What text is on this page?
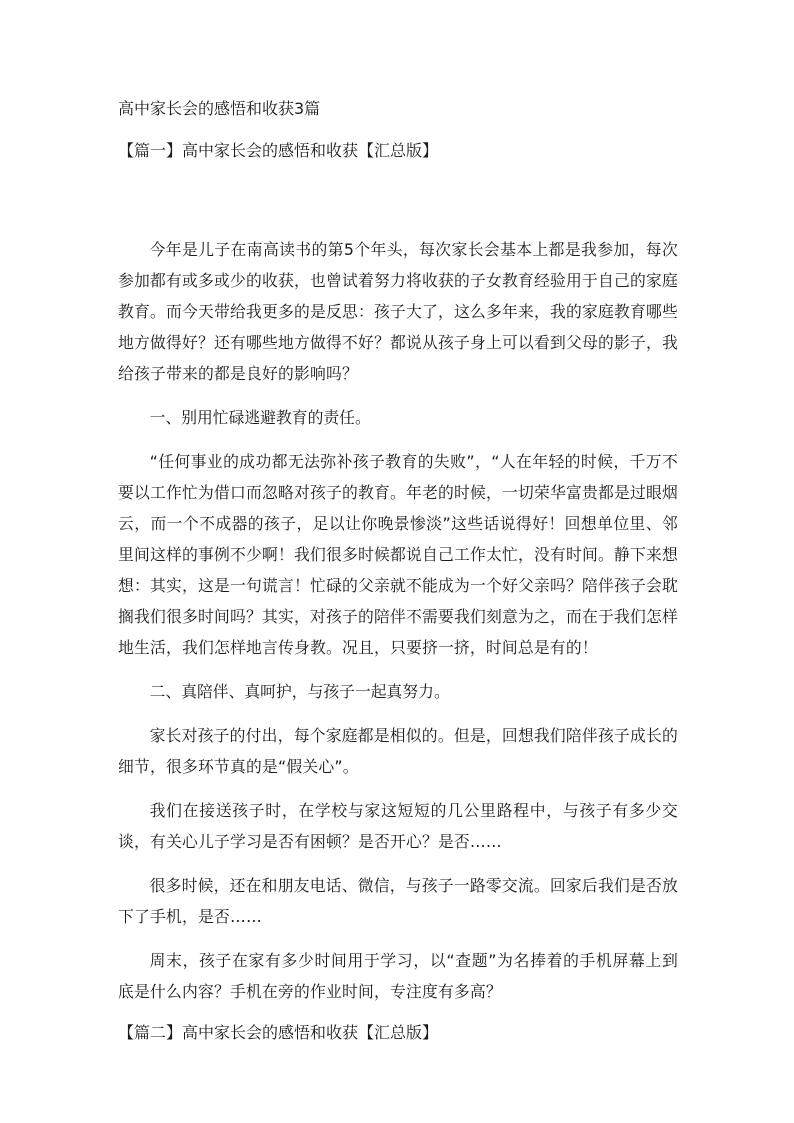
高中家长会的感悟和收获3篇
【篇一】高中家长会的感悟和收获【汇总版】

今年是儿子在南高读书的第5个年头，每次家长会基本上都是我参加，每次参加都有或多或少的收获，也曾试着努力将收获的子女教育经验用于自己的家庭教育。而今天带给我更多的是反思：孩子大了，这么多年来，我的家庭教育哪些地方做得好？还有哪些地方做得不好？都说从孩子身上可以看到父母的影子，我给孩子带来的都是良好的影响吗？

一、别用忙碌逃避教育的责任。

“任何事业的成功都无法弥补孩子教育的失败”，“人在年轻的时候，千万不要以工作忙为借口而忽略对孩子的教育。年老的时候，一切荣华富贵都是过眼烟云，而一个不成器的孩子，足以让你晚景惨淡”这些话说得好！回想单位里、邻里间这样的事例不少啊！我们很多时候都说自己工作太忙，没有时间。静下来想想：其实，这是一句谎言！忙碌的父亲就不能成为一个好父亲吗？陪伴孩子会耽搁我们很多时间吗？其实，对孩子的陪伴不需要我们刻意为之，而在于我们怎样地生活，我们怎样地言传身教。况且，只要挤一挤，时间总是有的！

二、真陪伴、真呵护，与孩子一起真努力。

家长对孩子的付出，每个家庭都是相似的。但是，回想我们陪伴孩子成长的细节，很多环节真的是“假关心”。

我们在接送孩子时，在学校与家这短短的几公里路程中，与孩子有多少交谈，有关心儿子学习是否有困顿？是否开心？是否……

很多时候，还在和朋友电话、微信，与孩子一路零交流。回家后我们是否放下了手机，是否……

周末，孩子在家有多少时间用于学习，以“查题”为名捧着的手机屏幕上到底是什么内容？手机在旁的作业时间，专注度有多高？

【篇二】高中家长会的感悟和收获【汇总版】
